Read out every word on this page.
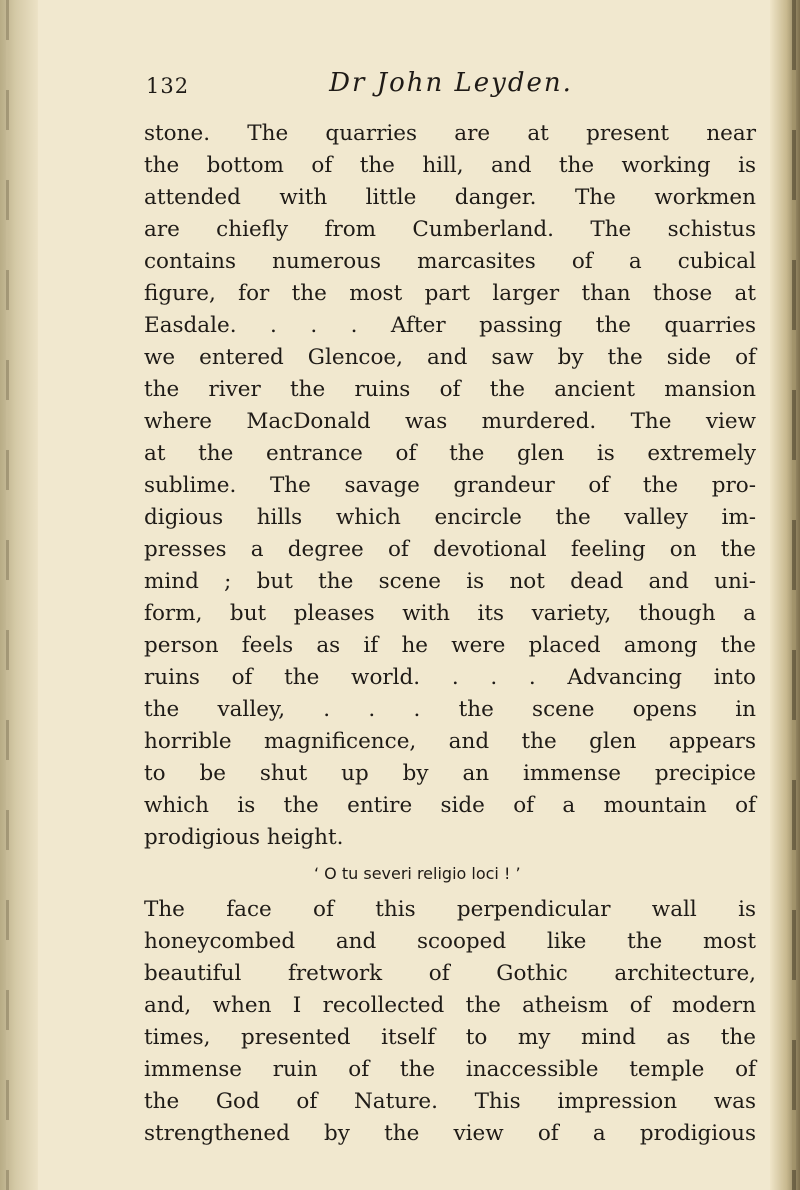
132	Dr John Leyden.
stone. The quarries are at present near
the bottom of the hill, and the working is
attended with little danger. The workmen
are chiefly from Cumberland. The schistus
contains numerous marcasites of a cubical
figure, for the most part larger than those at
Easdale. . . . After passing the quarries
we entered Glencoe, and saw by the side of
the river the ruins of the ancient mansion
where MacDonald was murdered. The view
at the entrance of the glen is extremely
sublime. The savage grandeur of the pro-
digious hills which encircle the valley im-
presses a degree of devotional feeling on the
mind ; but the scene is not dead and uni-
form, but pleases with its variety, though a
person feels as if he were placed among the
ruins of the world. . . . Advancing into
the valley, . . . the scene opens in
horrible magnificence, and the glen appears
to be shut up by an immense precipice
which is the entire side of a mountain of
prodigious height.
‘ O tu severi religio loci ! ’
The face of this perpendicular wall is
honeycombed and scooped like the most
beautiful fretwork of Gothic architecture,
and, when I recollected the atheism of modern
times, presented itself to my mind as the
immense ruin of the inaccessible temple of
the God of Nature. This impression was
strengthened by the view of a prodigious
